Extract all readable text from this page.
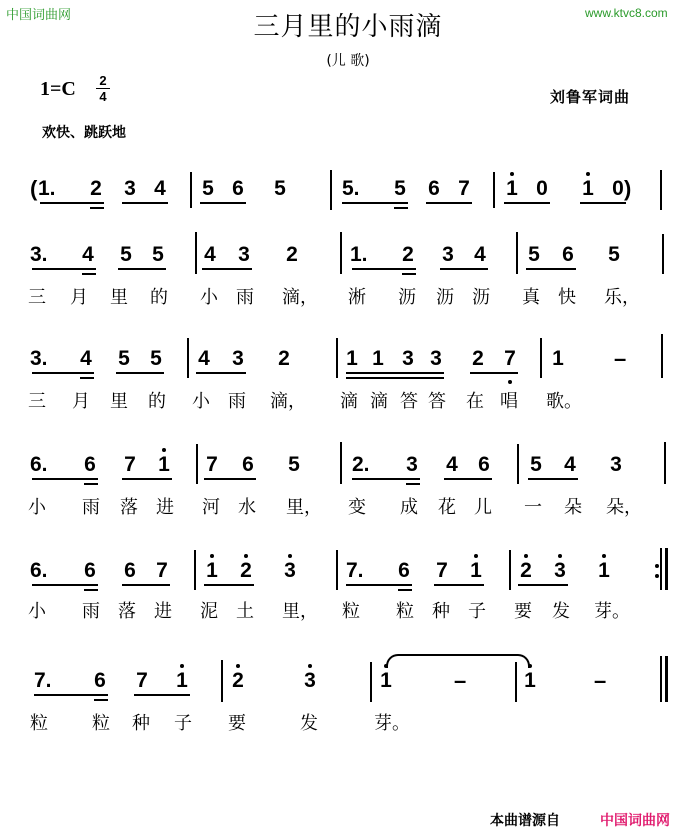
中国词曲网	www.ktvc8.com
三月里的小雨滴
(儿 歌)
1=C 2
4	刘鲁军词曲
欢快、跳跃地
( 1. 2 3 4 5 6 5	5. 5 6 7 1 0 1 0 )
3. 4 5 5 4 3 2 1. 2 3 4 5 6 5
三 月 里 的 小 雨 滴， 淅 沥 沥 沥 真 快 乐，
3. 4 5 5 4 3 2	1 1 3 3 2 7 1 –
三 月 里 的 小 雨 滴， 滴 滴 答 答 在 唱 歌。
6. 6 7 1 7 6 5 2. 3 4 6 5 4 3
小 雨 落 进 河 水 里， 变 成 花 儿 一 朵 朵，
6. 6 6 7 1 2 3 7. 6 7 1 2 3 1
小 雨 落 进 泥 土 里， 粒 粒 种 子 要 发 芽。
7. 6 7 1 2	3	1	–	1	–
粒 粒 种 子 要	发	芽。
本曲谱源自	中国词曲网
